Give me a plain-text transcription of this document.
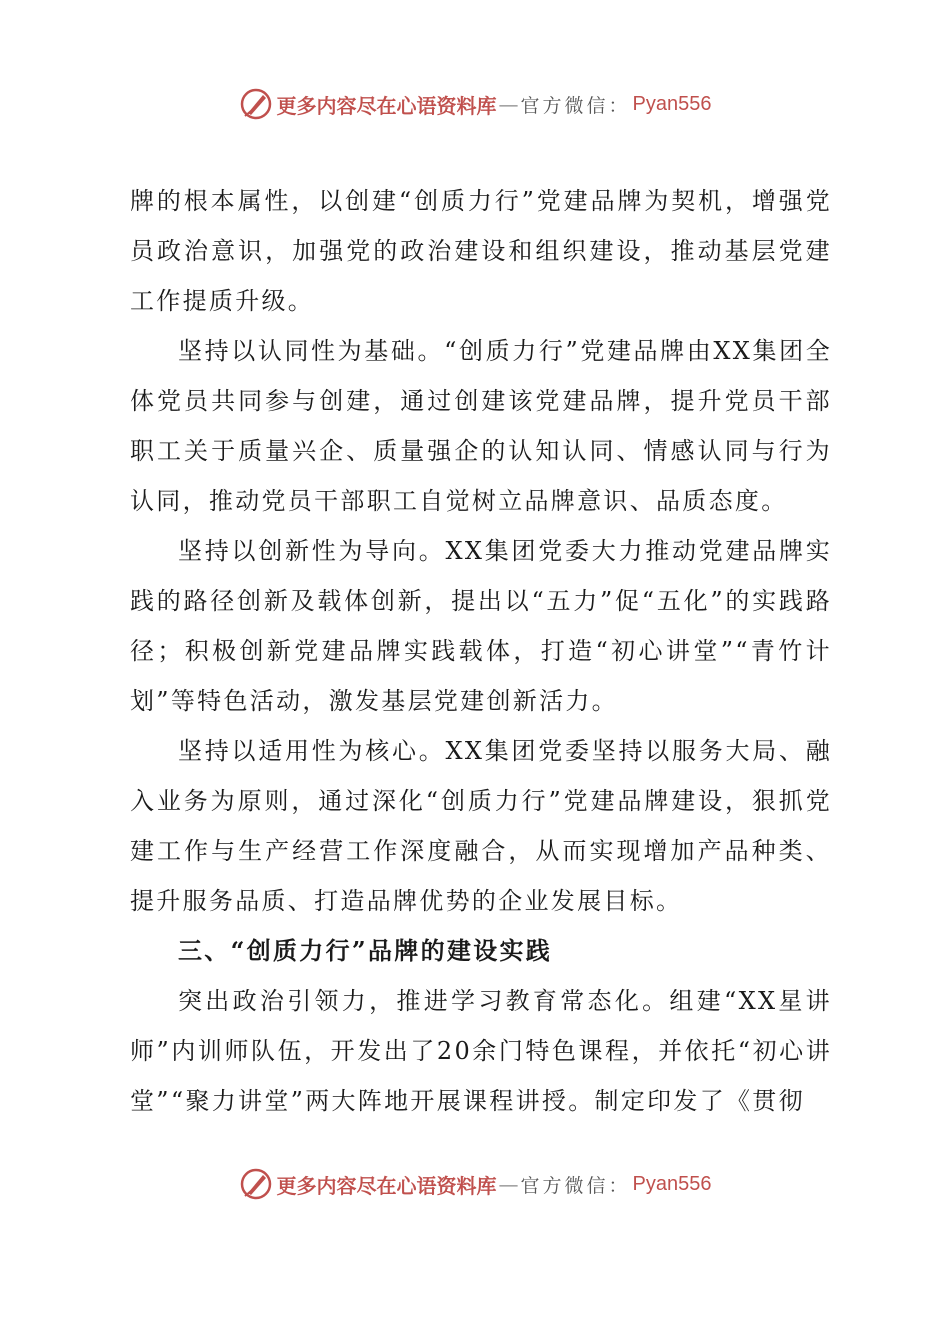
更多内容尽在心语资料库 — 官方微信： Pyan556

牌的根本属性，以创建“创质力行”党建品牌为契机，增强党员政治意识，加强党的政治建设和组织建设，推动基层党建工作提质升级。

坚持以认同性为基础。“创质力行”党建品牌由XX集团全体党员共同参与创建，通过创建该党建品牌，提升党员干部职工关于质量兴企、质量强企的认知认同、情感认同与行为认同，推动党员干部职工自觉树立品牌意识、品质态度。

坚持以创新性为导向。XX集团党委大力推动党建品牌实践的路径创新及载体创新，提出以“五力”促“五化”的实践路径；积极创新党建品牌实践载体，打造“初心讲堂”“青竹计划”等特色活动，激发基层党建创新活力。

坚持以适用性为核心。XX集团党委坚持以服务大局、融入业务为原则，通过深化“创质力行”党建品牌建设，狠抓党建工作与生产经营工作深度融合，从而实现增加产品种类、提升服务品质、打造品牌优势的企业发展目标。

三、“创质力行”品牌的建设实践

突出政治引领力，推进学习教育常态化。组建“XX星讲师”内训师队伍，开发出了20余门特色课程，并依托“初心讲堂”“聚力讲堂”两大阵地开展课程讲授。制定印发了《贯彻

更多内容尽在心语资料库 — 官方微信： Pyan556
